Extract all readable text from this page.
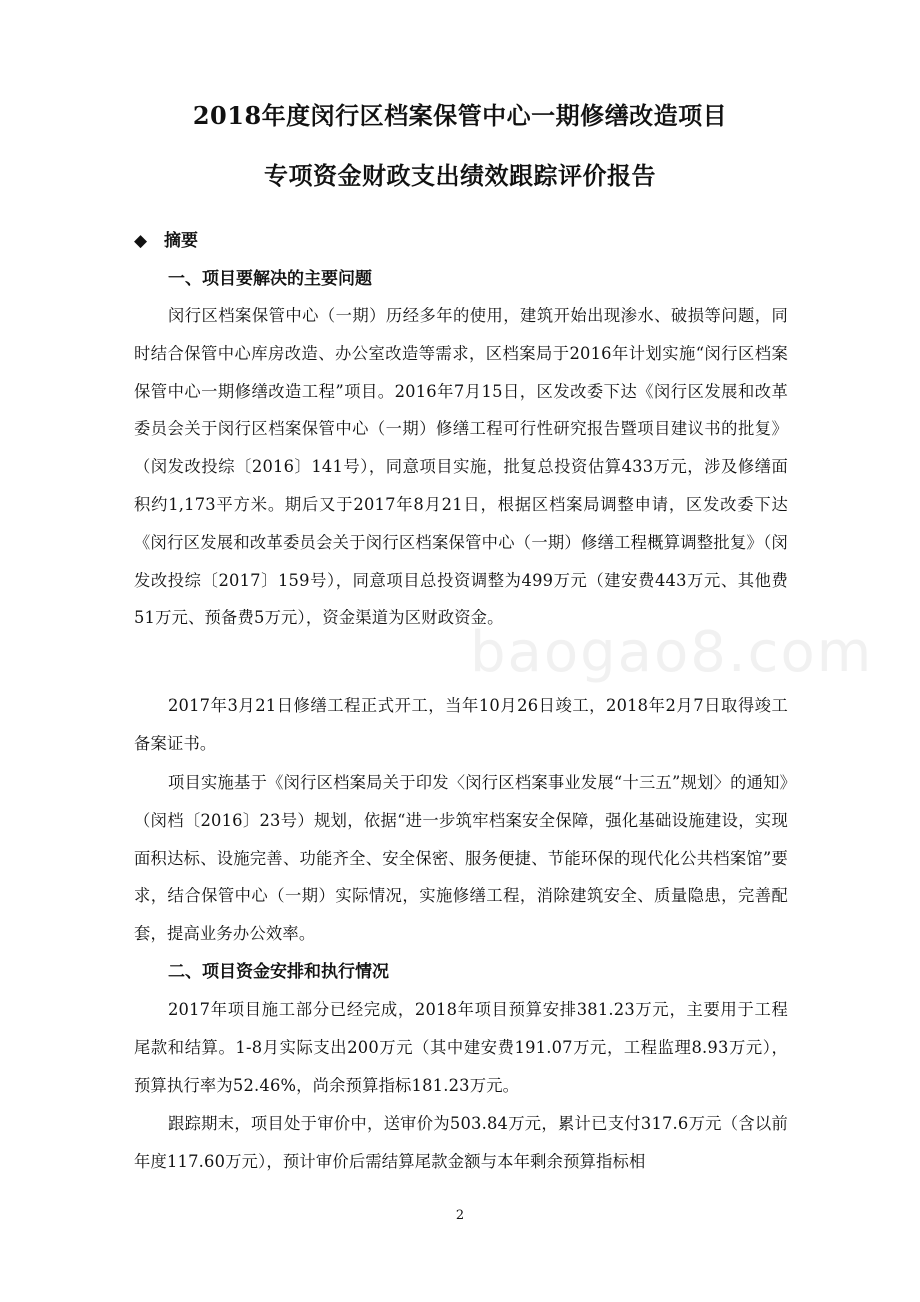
2018年度闵行区档案保管中心一期修缮改造项目
专项资金财政支出绩效跟踪评价报告
◆ 摘要
一、项目要解决的主要问题

闵行区档案保管中心（一期）历经多年的使用，建筑开始出现渗水、破损等问题，同时结合保管中心库房改造、办公室改造等需求，区档案局于2016年计划实施“闵行区档案保管中心一期修缮改造工程”项目。2016年7月15日，区发改委下达《闵行区发展和改革委员会关于闵行区档案保管中心（一期）修缮工程可行性研究报告暨项目建议书的批复》（闵发改投综〔2016〕141号），同意项目实施，批复总投资估算433万元，涉及修缮面积约1,173平方米。期后又于2017年8月21日，根据区档案局调整申请，区发改委下达《闵行区发展和改革委员会关于闵行区档案保管中心（一期）修缮工程概算调整批复》（闵发改投综〔2017〕159号），同意项目总投资调整为499万元（建安费443万元、其他费51万元、预备费5万元），资金渠道为区财政资金。

2017年3月21日修缮工程正式开工，当年10月26日竣工，2018年2月7日取得竣工备案证书。

项目实施基于《闵行区档案局关于印发〈闵行区档案事业发展“十三五”规划〉的通知》（闵档〔2016〕23号）规划，依据“进一步筑牢档案安全保障，强化基础设施建设，实现面积达标、设施完善、功能齐全、安全保密、服务便捷、节能环保的现代化公共档案馆”要求，结合保管中心（一期）实际情况，实施修缮工程，消除建筑安全、质量隐患，完善配套，提高业务办公效率。

二、项目资金安排和执行情况

2017年项目施工部分已经完成，2018年项目预算安排381.23万元，主要用于工程尾款和结算。1-8月实际支出200万元（其中建安费191.07万元，工程监理8.93万元），预算执行率为52.46%，尚余预算指标181.23万元。

跟踪期末，项目处于审价中，送审价为503.84万元，累计已支付317.6万元（含以前年度117.60万元），预计审价后需结算尾款金额与本年剩余预算指标相

baogao8.com
2
